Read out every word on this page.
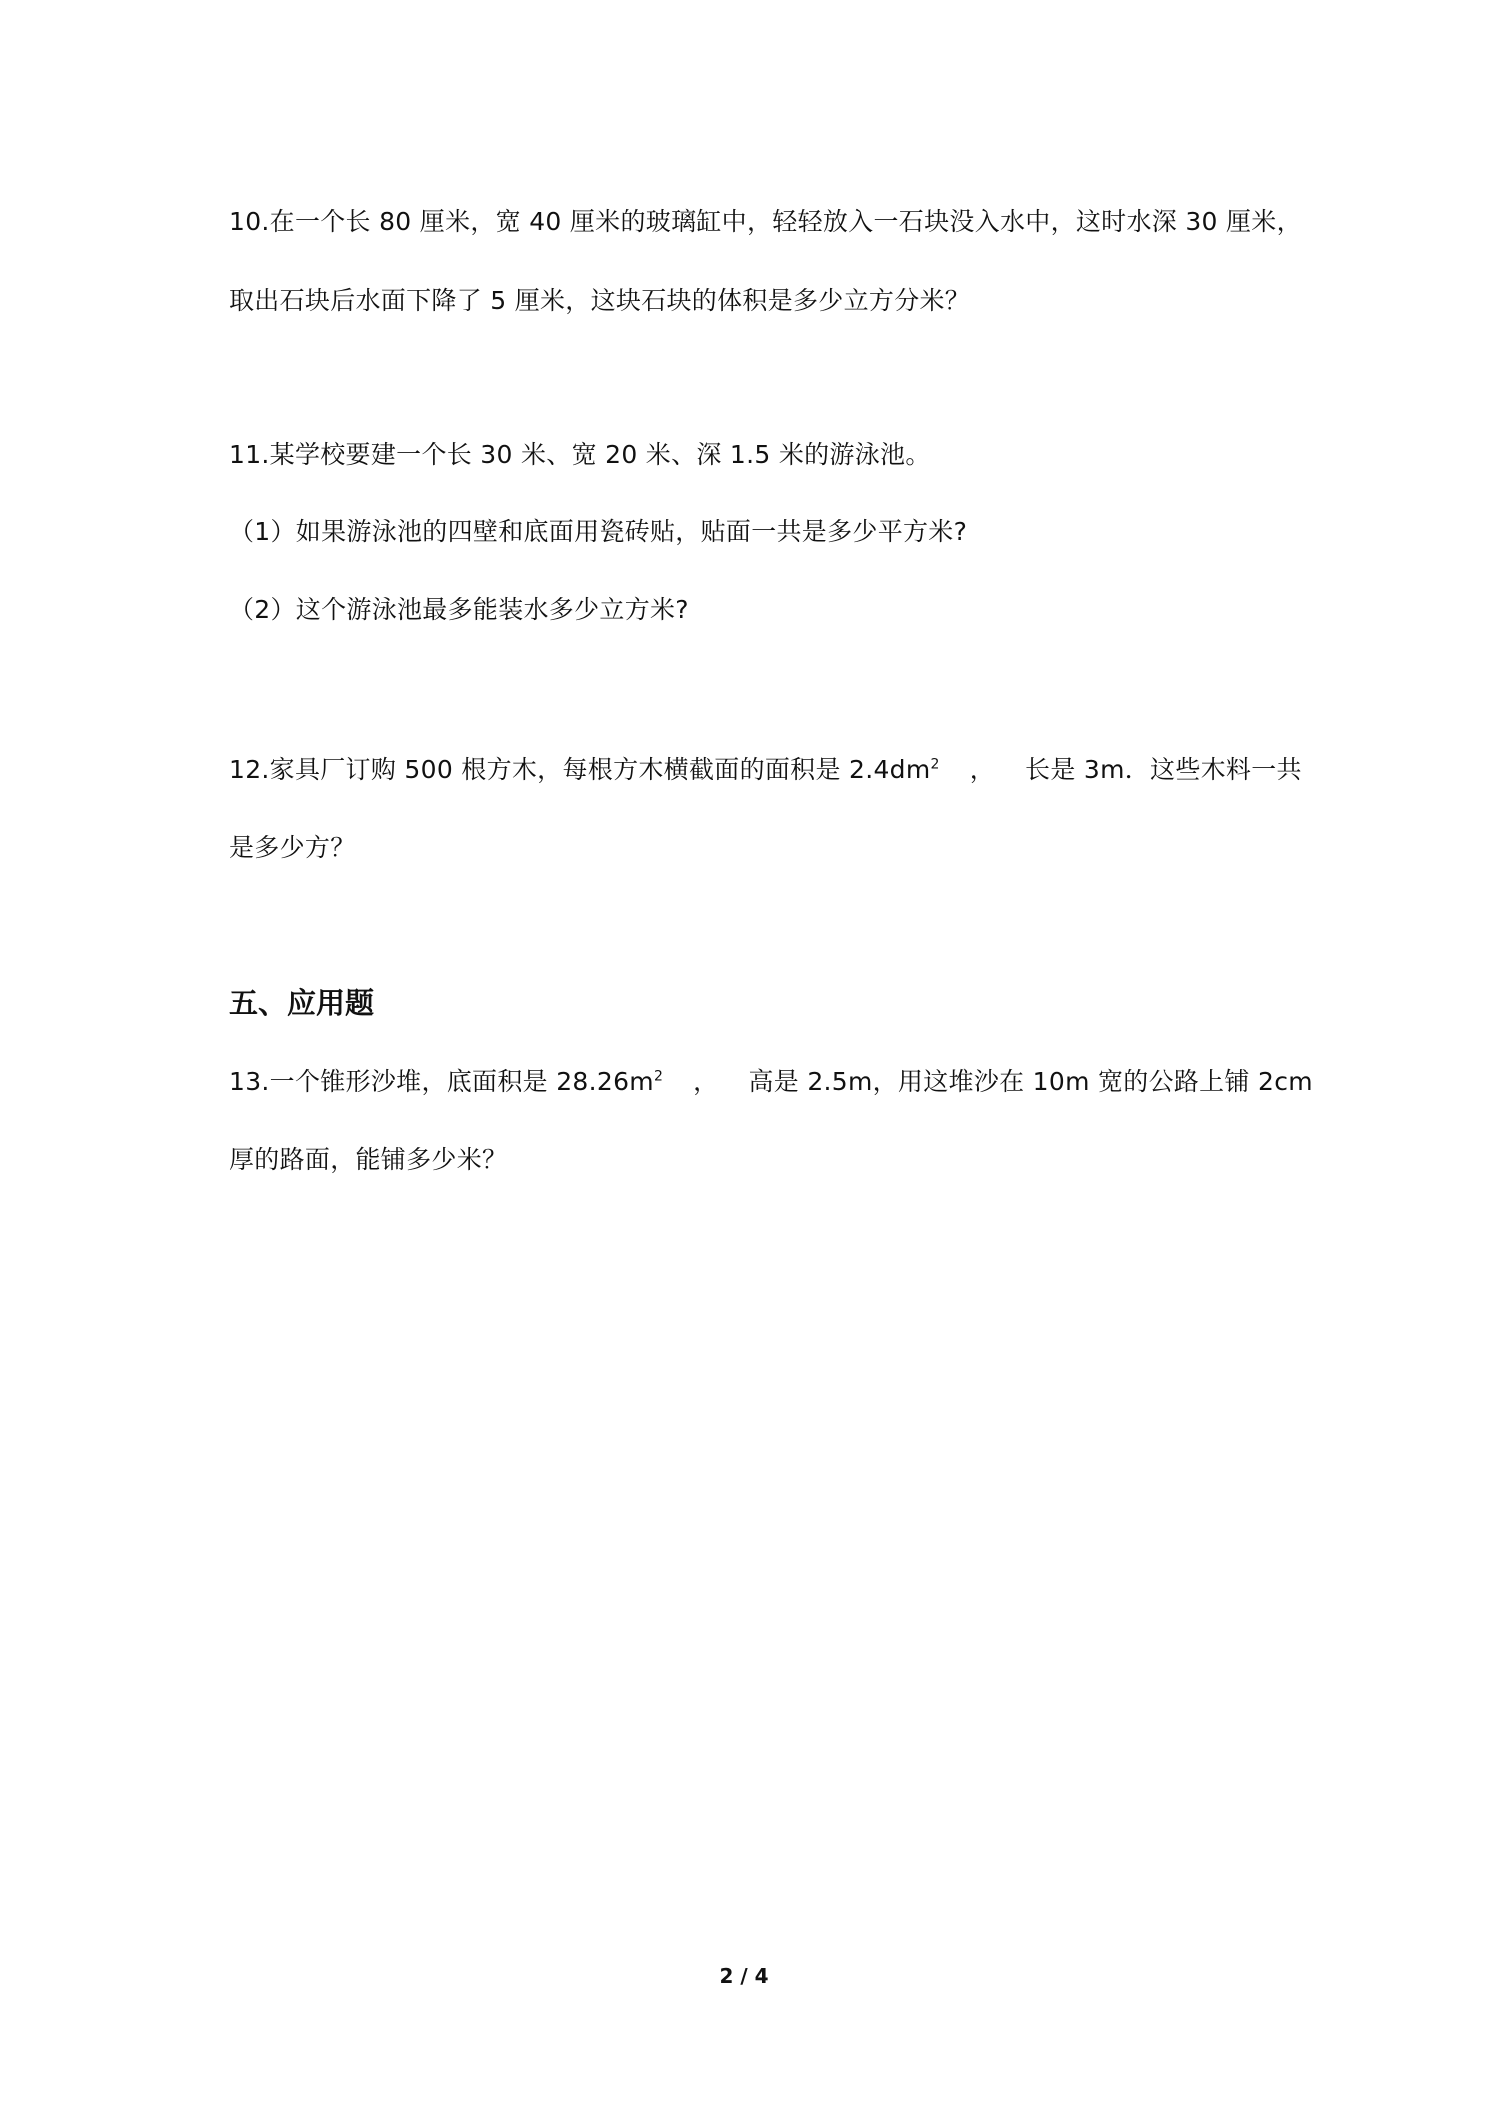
10.在一个长 80 厘米，宽 40 厘米的玻璃缸中，轻轻放入一石块没入水中，这时水深 30 厘米，
取出石块后水面下降了 5 厘米，这块石块的体积是多少立方分米？
11.某学校要建一个长 30 米、宽 20 米、深 1.5 米的游泳池。
（1）如果游泳池的四壁和底面用瓷砖贴，贴面一共是多少平方米?
（2）这个游泳池最多能装水多少立方米?
12.家具厂订购 500 根方木，每根方木横截面的面积是 $2.4dm^2$ ， 长是 3m．这些木料一共
是多少方？
五、应用题
13.一个锥形沙堆，底面积是 $28.26m^2$ ， 高是 2.5m，用这堆沙在 10m 宽的公路上铺 2cm
厚的路面，能铺多少米？
2 / 4
